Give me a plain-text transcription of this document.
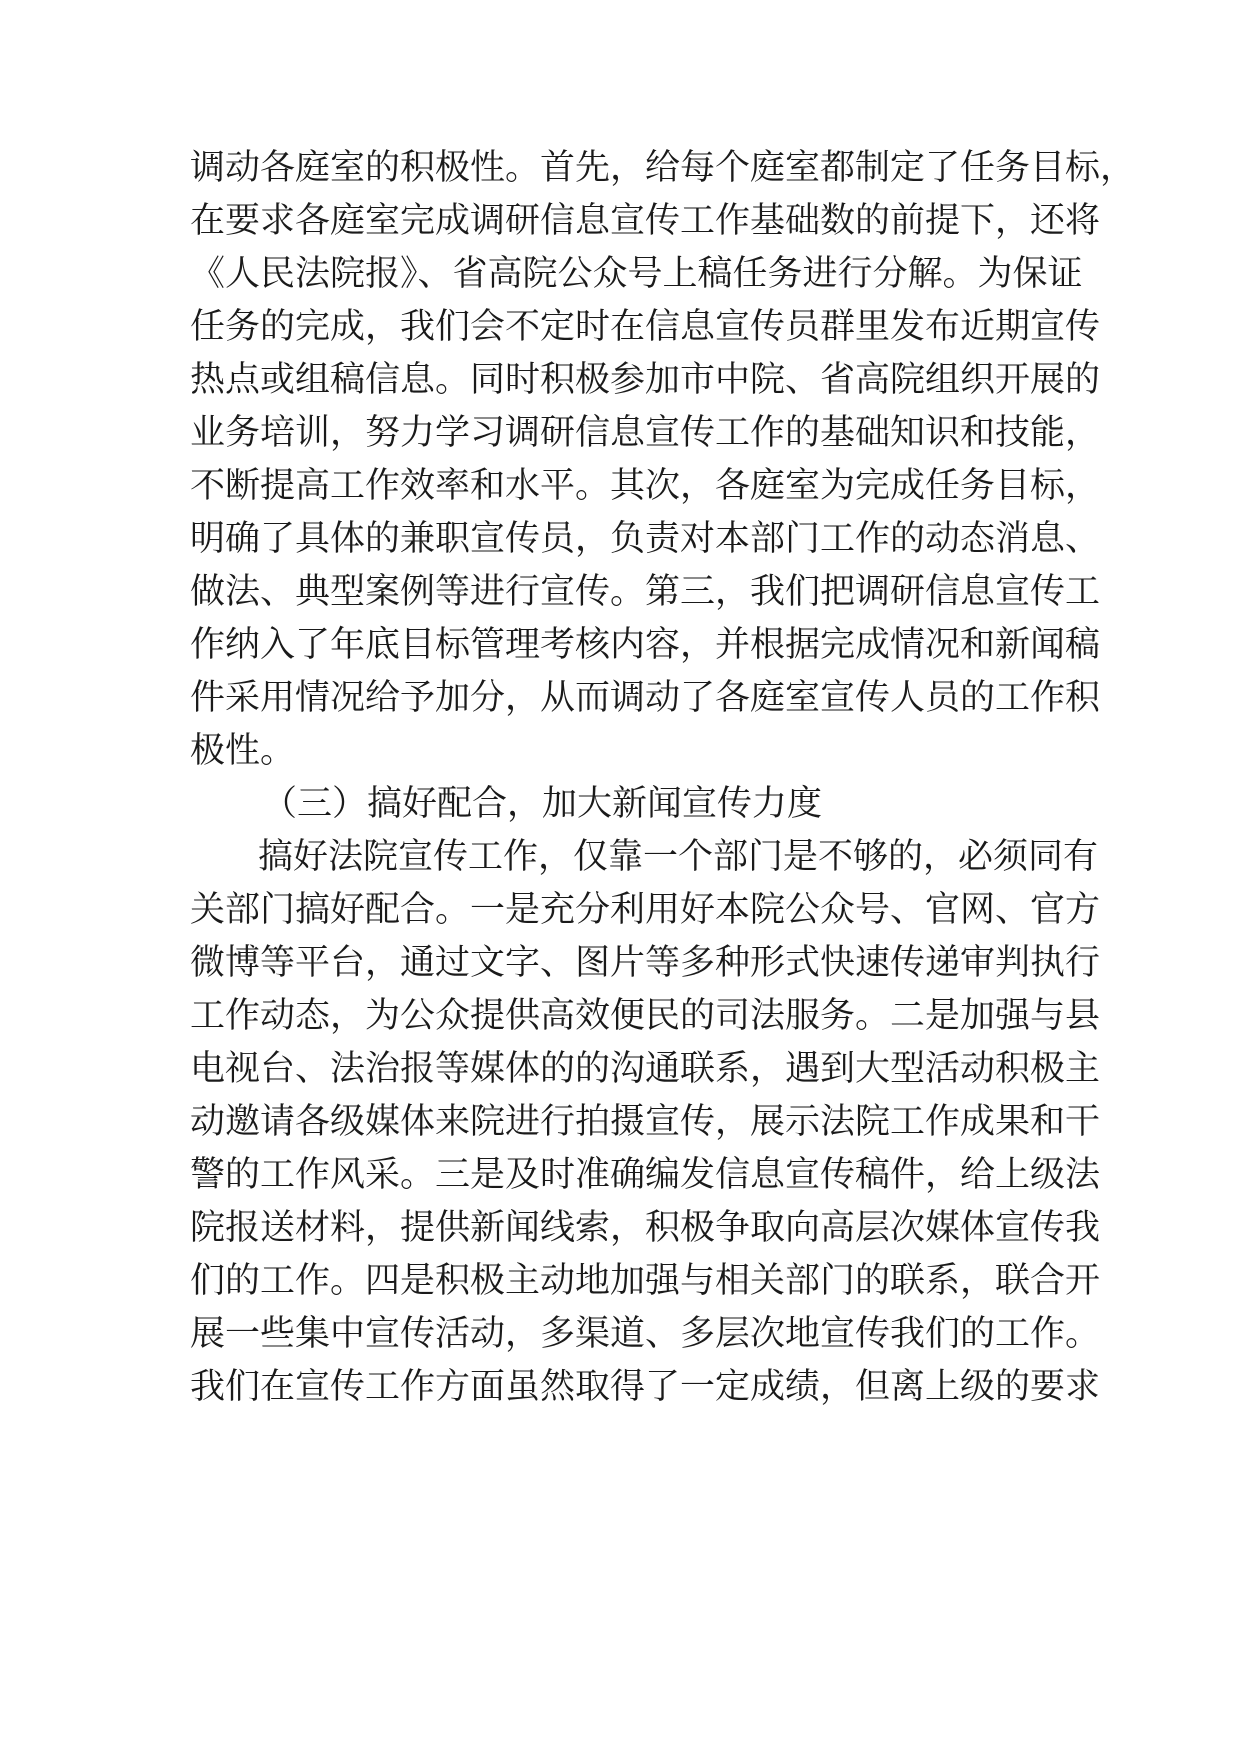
调动各庭室的积极性。首先，给每个庭室都制定了任务目标，
在要求各庭室完成调研信息宣传工作基础数的前提下，还将
《人民法院报》、省高院公众号上稿任务进行分解。为保证
任务的完成，我们会不定时在信息宣传员群里发布近期宣传
热点或组稿信息。同时积极参加市中院、省高院组织开展的
业务培训，努力学习调研信息宣传工作的基础知识和技能，
不断提高工作效率和水平。其次，各庭室为完成任务目标，
明确了具体的兼职宣传员，负责对本部门工作的动态消息、
做法、典型案例等进行宣传。第三，我们把调研信息宣传工
作纳入了年底目标管理考核内容，并根据完成情况和新闻稿
件采用情况给予加分，从而调动了各庭室宣传人员的工作积
极性。
（三）搞好配合，加大新闻宣传力度
搞好法院宣传工作，仅靠一个部门是不够的，必须同有
关部门搞好配合。一是充分利用好本院公众号、官网、官方
微博等平台，通过文字、图片等多种形式快速传递审判执行
工作动态，为公众提供高效便民的司法服务。二是加强与县
电视台、法治报等媒体的的沟通联系，遇到大型活动积极主
动邀请各级媒体来院进行拍摄宣传，展示法院工作成果和干
警的工作风采。三是及时准确编发信息宣传稿件，给上级法
院报送材料，提供新闻线索，积极争取向高层次媒体宣传我
们的工作。四是积极主动地加强与相关部门的联系，联合开
展一些集中宣传活动，多渠道、多层次地宣传我们的工作。
我们在宣传工作方面虽然取得了一定成绩，但离上级的要求
